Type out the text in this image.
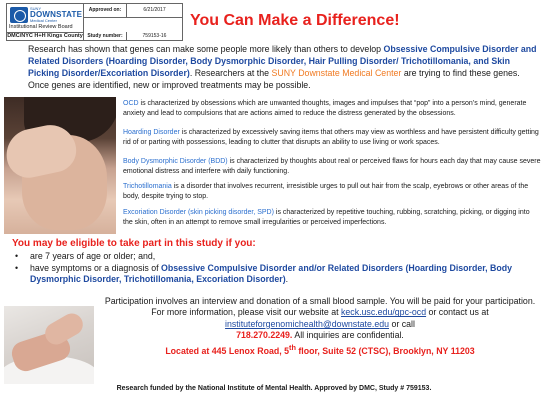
SUNY
DOWNSTATE
Medical Center
Institutional Review Board
Approved on:	6/21/2017
DMC/NYC H+H Kings County Study number:	759153-16
You Can Make a Difference!
Research has shown that genes can make some people more likely than others to develop Obsessive Compulsive Disorder and Related Disorders (Hoarding Disorder, Body Dysmorphic Disorder, Hair Pulling Disorder/ Trichotillomania, and Skin Picking Disorder/Excoriation Disorder). Researchers at the SUNY Downstate Medical Center are trying to find these genes. Once genes are identified, new or improved treatments may be possible.
OCD is characterized by obsessions which are unwanted thoughts, images and impulses that “pop” into a person’s mind, generate anxiety and lead to compulsions that are actions aimed to reduce the distress generated by the obsessions.
Hoarding Disorder is characterized by excessively saving items that others may view as worthless and have persistent difficulty getting rid of or parting with possessions, leading to clutter that disrupts an ability to use living or work spaces.
Body Dysmorphic Disorder (BDD) is characterized by thoughts about real or perceived flaws for hours each day that may cause severe emotional distress and interfere with daily functioning.
Trichotillomania is a disorder that involves recurrent, irresistible urges to pull out hair from the scalp, eyebrows or other areas of the body, despite trying to stop.
Excoriation Disorder (skin picking disorder, SPD) is characterized by repetitive touching, rubbing, scratching, picking, or digging into the skin, often in an attempt to remove small irregularities or perceived imperfections.
You may be eligible to take part in this study if you:
• are 7 years of age or older; and,
• have symptoms or a diagnosis of Obsessive Compulsive Disorder and/or Related Disorders (Hoarding Disorder, Body Dysmorphic Disorder, Trichotillomania, Excoriation Disorder).
Participation involves an interview and donation of a small blood sample. You will be paid for your participation.
For more information, please visit our website at keck.usc.edu/gpc-ocd or contact us at
instituteforgenomichealth@downstate.edu or call
718.270.2249. All inquiries are confidential.
Located at 445 Lenox Road, 5th floor, Suite 52 (CTSC), Brooklyn, NY 11203
Research funded by the National Institute of Mental Health. Approved by DMC, Study # 759153.
